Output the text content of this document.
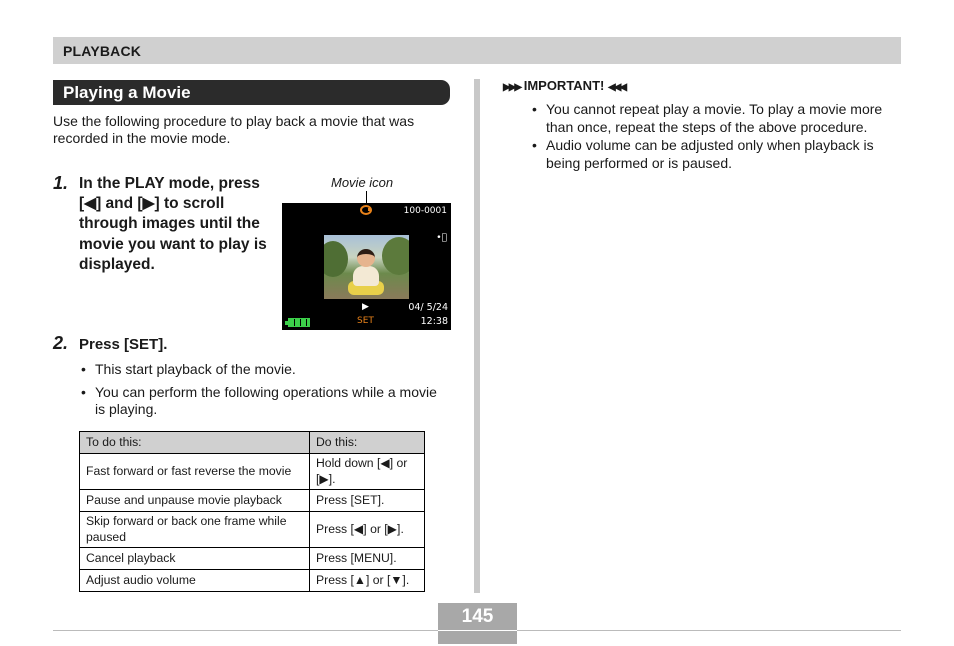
PLAYBACK
Playing a Movie

Use the following procedure to play back a movie that was recorded in the movie mode.

1. In the PLAY mode, press [◀] and [▶] to scroll through images until the movie you want to play is displayed.
Movie icon
100-0001
•⃞
▶
SET
04/ 5/24
12:38
2. Press [SET].
• This start playback of the movie.
• You can perform the following operations while a movie is playing.
To do this:	Do this:
Fast forward or fast reverse the movie	Hold down [◀] or [▶].
Pause and unpause movie playback	Press [SET].
Skip forward or back one frame while paused	Press [◀] or [▶].
Cancel playback	Press [MENU].
Adjust audio volume	Press [▲] or [▼].
▶▶▶ IMPORTANT! ◀◀◀
• You cannot repeat play a movie. To play a movie more than once, repeat the steps of the above procedure.
• Audio volume can be adjusted only when playback is being performed or is paused.
145
